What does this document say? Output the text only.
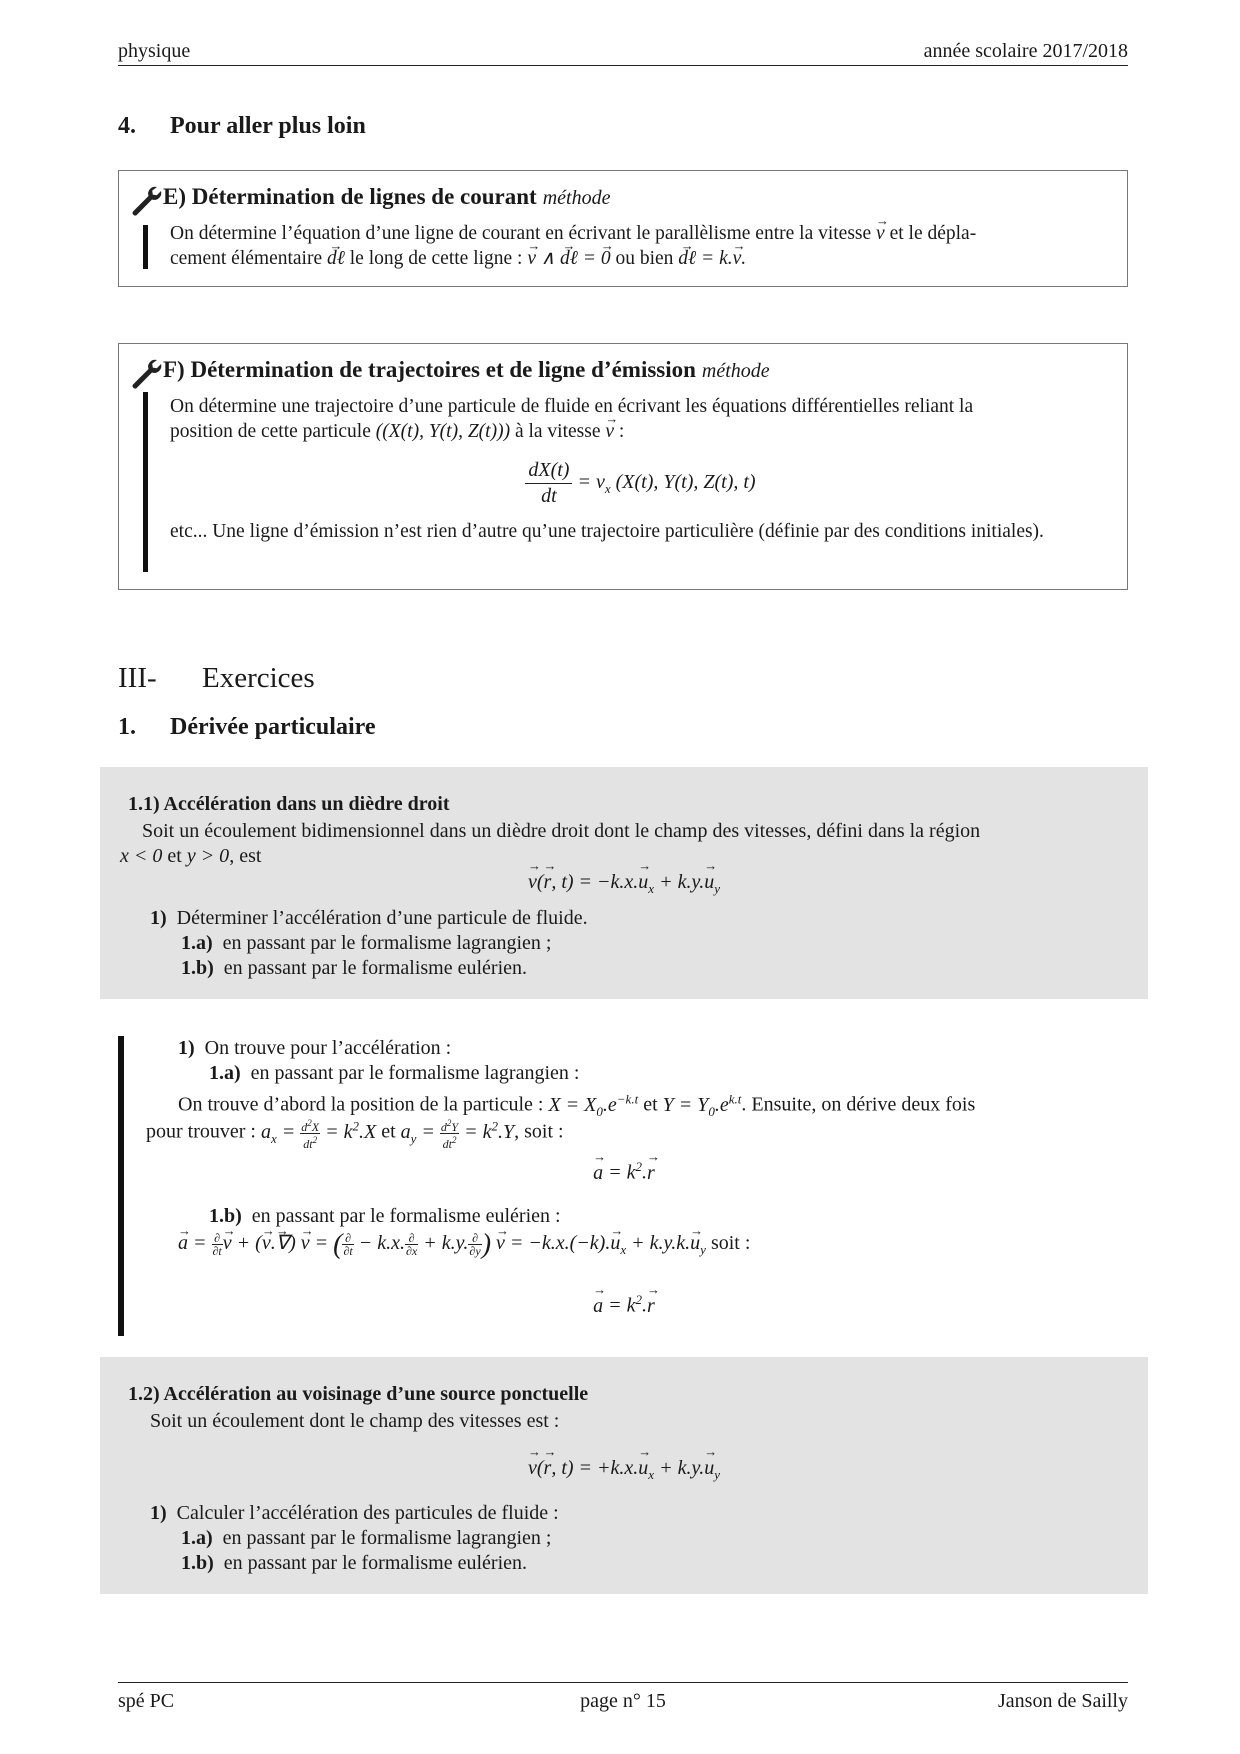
physique	année scolaire 2017/2018
4. Pour aller plus loin
E) Détermination de lignes de courant méthode
On détermine l’équation d’une ligne de courant en écrivant le parallèlisme entre la vitesse → v et le dépla-
cement élémentaire → dℓ le long de cette ligne : → v ∧ → dℓ = → 0 ou bien → dℓ = k.→ v.
F) Détermination de trajectoires et de ligne d’émission méthode
On détermine une trajectoire d’une particule de fluide en écrivant les équations différentielles reliant la
position de cette particule ((X(t), Y(t), Z(t))) à la vitesse → v :
$\frac{dX(t)}{dt} = v_x$ (X(t), Y(t), Z(t), t)
etc... Une ligne d’émission n’est rien d’autre qu’une trajectoire particulière (définie par des conditions initiales).
III- Exercices
1. Dérivée particulaire
1.1) Accélération dans un dièdre droit
Soit un écoulement bidimensionnel dans un dièdre droit dont le champ des vitesses, défini dans la région
x < 0 et y > 0, est
→ v(→ r, $t) = -k.x.\to u_x + k.y.\to u_y$
1) Déterminer l’accélération d’une particule de fluide.
1.a) en passant par le formalisme lagrangien ;
1.b) en passant par le formalisme eulérien.
1) On trouve pour l’accélération :
1.a) en passant par le formalisme lagrangien :
On trouve d’abord la position de la particule : $X = X_0.e^{-k.t}$ et $Y = Y_0.e^{k.t}$. Ensuite, on dérive deux fois
pour trouver : $a_x = \frac{d^2X}{dt^2} = k^2.X$ et $a_y = \frac{d^2Y}{dt^2} = k^2.Y$, soit :
→ $a = k^2.\to r$
1.b) en passant par le formalisme eulérien :
→ a = ∂
∂t → v + (→ v.→ ∇) → v = ( ∂
∂t − k.x. ∂
∂x + k.y. ∂
∂y ) → $v = -k.x.(-k).\to u_x + k.y.k.\to u_y$ soit :
→ $a = k^2.\to r$
1.2) Accélération au voisinage d’une source ponctuelle
Soit un écoulement dont le champ des vitesses est :
→ v(→ r, $t) = +k.x.\to u_x + k.y.\to u_y$
1) Calculer l’accélération des particules de fluide :
1.a) en passant par le formalisme lagrangien ;
1.b) en passant par le formalisme eulérien.
spé PC	page n° 15	Janson de Sailly
